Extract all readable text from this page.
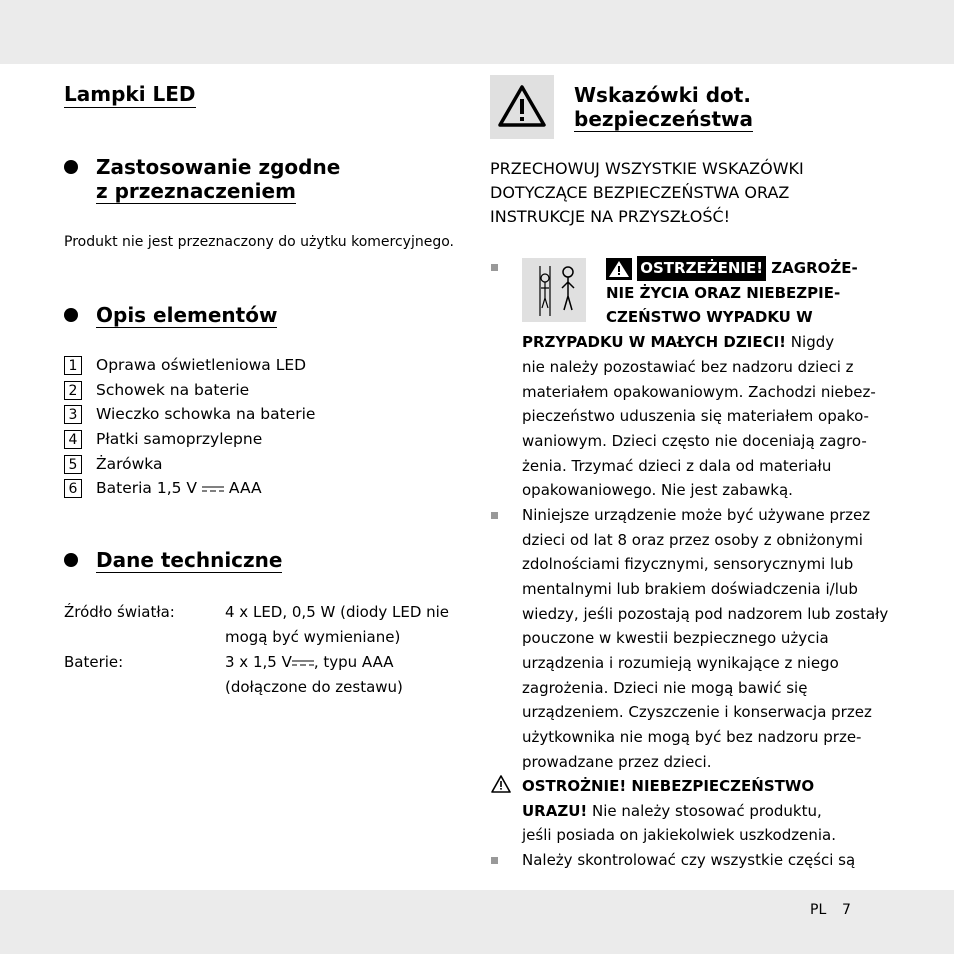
Lampki LED
Zastosowanie zgodne
z przeznaczeniem
Produkt nie jest przeznaczony do użytku komercyjnego.
Opis elementów
1 Oprawa oświetleniowa LED
2 Schowek na baterie
3 Wieczko schowka na baterie
4 Płatki samoprzylepne
5 Żarówka
6 Bateria 1,5 V AAA
Dane techniczne
Źródło światła:	4 x LED, 0,5 W (diody LED nie
mogą być wymieniane)
Baterie:	3 x 1,5 V , typu AAA
(dołączone do zestawu)
Wskazówki dot.
bezpieczeństwa
PRZECHOWUJ WSZYSTKIE WSKAZÓWKI
DOTYCZĄCE BEZPIECZEŃSTWA ORAZ
INSTRUKCJE NA PRZYSZŁOŚĆ!
OSTRZEŻENIE! ZAGROŻE-
NIE ŻYCIA ORAZ NIEBEZPIE-
CZEŃSTWO WYPADKU W
PRZYPADKU W MAŁYCH DZIECI! Nigdy
nie należy pozostawiać bez nadzoru dzieci z
materiałem opakowaniowym. Zachodzi niebez-
pieczeństwo uduszenia się materiałem opako-
waniowym. Dzieci często nie doceniają zagro-
żenia. Trzymać dzieci z dala od materiału
opakowaniowego. Nie jest zabawką.
Niniejsze urządzenie może być używane przez
dzieci od lat 8 oraz przez osoby z obniżonymi
zdolnościami fizycznymi, sensorycznymi lub
mentalnymi lub brakiem doświadczenia i/lub
wiedzy, jeśli pozostają pod nadzorem lub zostały
pouczone w kwestii bezpiecznego użycia
urządzenia i rozumieją wynikające z niego
zagrożenia. Dzieci nie mogą bawić się
urządzeniem. Czyszczenie i konserwacja przez
użytkownika nie mogą być bez nadzoru prze-
prowadzane przez dzieci.
OSTROŻNIE! NIEBEZPIECZEŃSTWO
URAZU! Nie należy stosować produktu,
jeśli posiada on jakiekolwiek uszkodzenia.
Należy skontrolować czy wszystkie części są
PL 7
